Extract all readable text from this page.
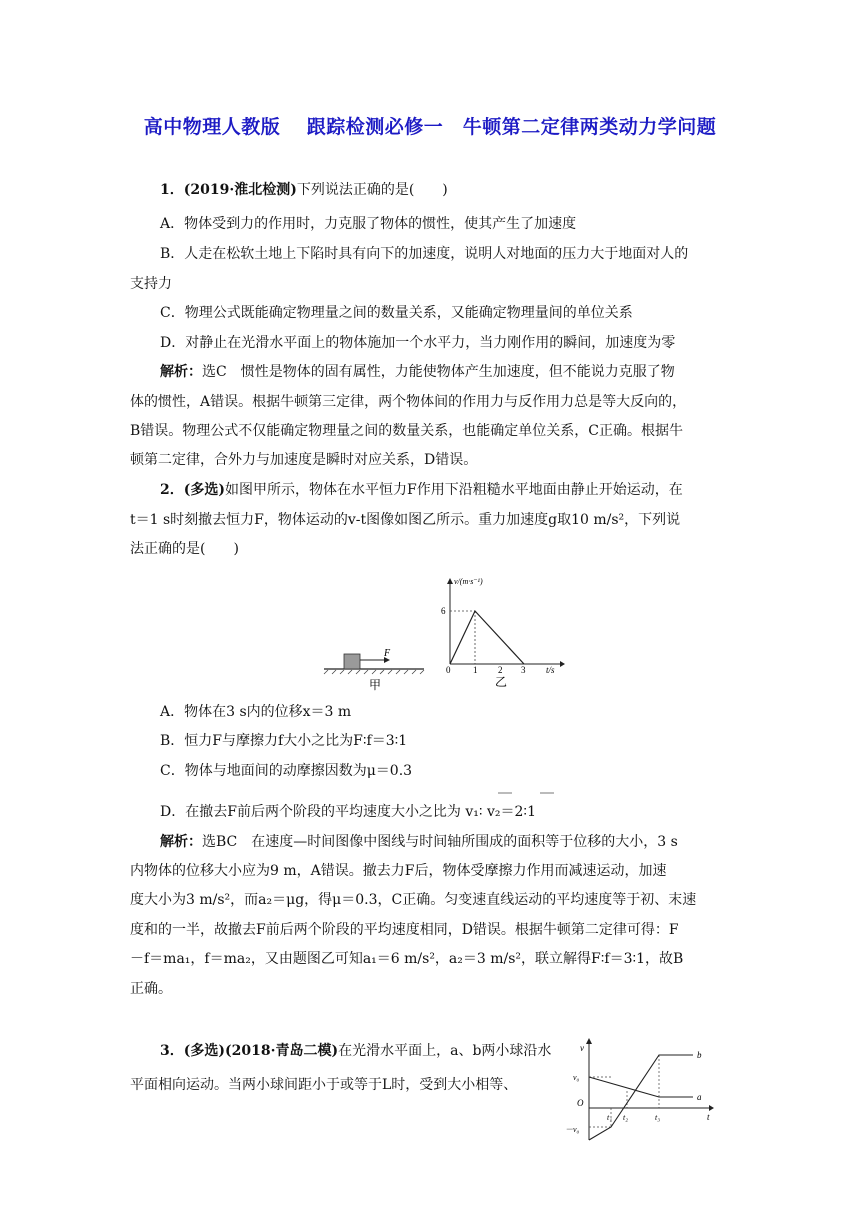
高中物理人教版 　跟踪检测必修一　牛顿第二定律两类动力学问题
1．(2019·淮北检测)下列说法正确的是(　　)
A．物体受到力的作用时，力克服了物体的惯性，使其产生了加速度
B．人走在松软土地上下陷时具有向下的加速度，说明人对地面的压力大于地面对人的
支持力
C．物理公式既能确定物理量之间的数量关系，又能确定物理量间的单位关系
D．对静止在光滑水平面上的物体施加一个水平力，当力刚作用的瞬间，加速度为零
解析：选C　惯性是物体的固有属性，力能使物体产生加速度，但不能说力克服了物
体的惯性，A错误。根据牛顿第三定律，两个物体间的作用力与反作用力总是等大反向的，
B错误。物理公式不仅能确定物理量之间的数量关系，也能确定单位关系，C正确。根据牛
顿第二定律，合外力与加速度是瞬时对应关系，D错误。
2．(多选)如图甲所示，物体在水平恒力F作用下沿粗糙水平地面由静止开始运动，在
t＝1 s时刻撤去恒力F，物体运动的v-t图像如图乙所示。重力加速度g取10 m/s²，下列说
法正确的是(　　)
F
甲
v/(m·s⁻¹)
t/s
6
0	1 2 3
乙
A．物体在3 s内的位移x＝3 m
B．恒力F与摩擦力f大小之比为F∶f＝3∶1
C．物体与地面间的动摩擦因数为μ＝0.3
D．在撤去F前后两个阶段的平均速度大小之比为 v₁∶ v₂＝2∶1
解析：选BC　在速度—时间图像中图线与时间轴所围成的面积等于位移的大小，3 s
内物体的位移大小应为9 m，A错误。撤去力F后，物体受摩擦力作用而减速运动，加速
度大小为3 m/s²，而a₂＝μg，得μ＝0.3，C正确。匀变速直线运动的平均速度等于初、末速
度和的一半，故撤去F前后两个阶段的平均速度相同，D错误。根据牛顿第二定律可得：F
－f＝ma₁，f＝ma₂，又由题图乙可知a₁＝6 m/s²，a₂＝3 m/s²，联立解得F∶f＝3∶1，故B
正确。
3．(多选)(2018·青岛二模)在光滑水平面上，a、b两小球沿水
平面相向运动。当两小球间距小于或等于L时，受到大小相等、
v
v₀
O
－v₀
t
t₁ t₂	t₃
a
b
